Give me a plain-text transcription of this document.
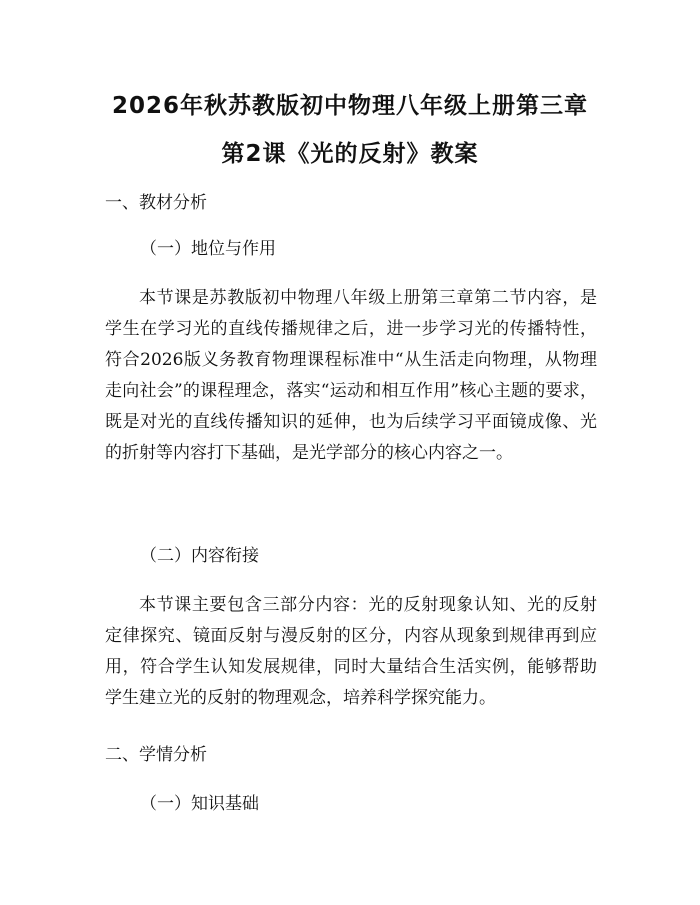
2026年秋苏教版初中物理八年级上册第三章
第2课《光的反射》教案
一、教材分析
（一）地位与作用
本节课是苏教版初中物理八年级上册第三章第二节内容，是学生在学习光的直线传播规律之后，进一步学习光的传播特性，符合2026版义务教育物理课程标准中“从生活走向物理，从物理走向社会”的课程理念，落实“运动和相互作用”核心主题的要求，既是对光的直线传播知识的延伸，也为后续学习平面镜成像、光的折射等内容打下基础，是光学部分的核心内容之一。
（二）内容衔接
本节课主要包含三部分内容：光的反射现象认知、光的反射定律探究、镜面反射与漫反射的区分，内容从现象到规律再到应用，符合学生认知发展规律，同时大量结合生活实例，能够帮助学生建立光的反射的物理观念，培养科学探究能力。
二、学情分析
（一）知识基础
